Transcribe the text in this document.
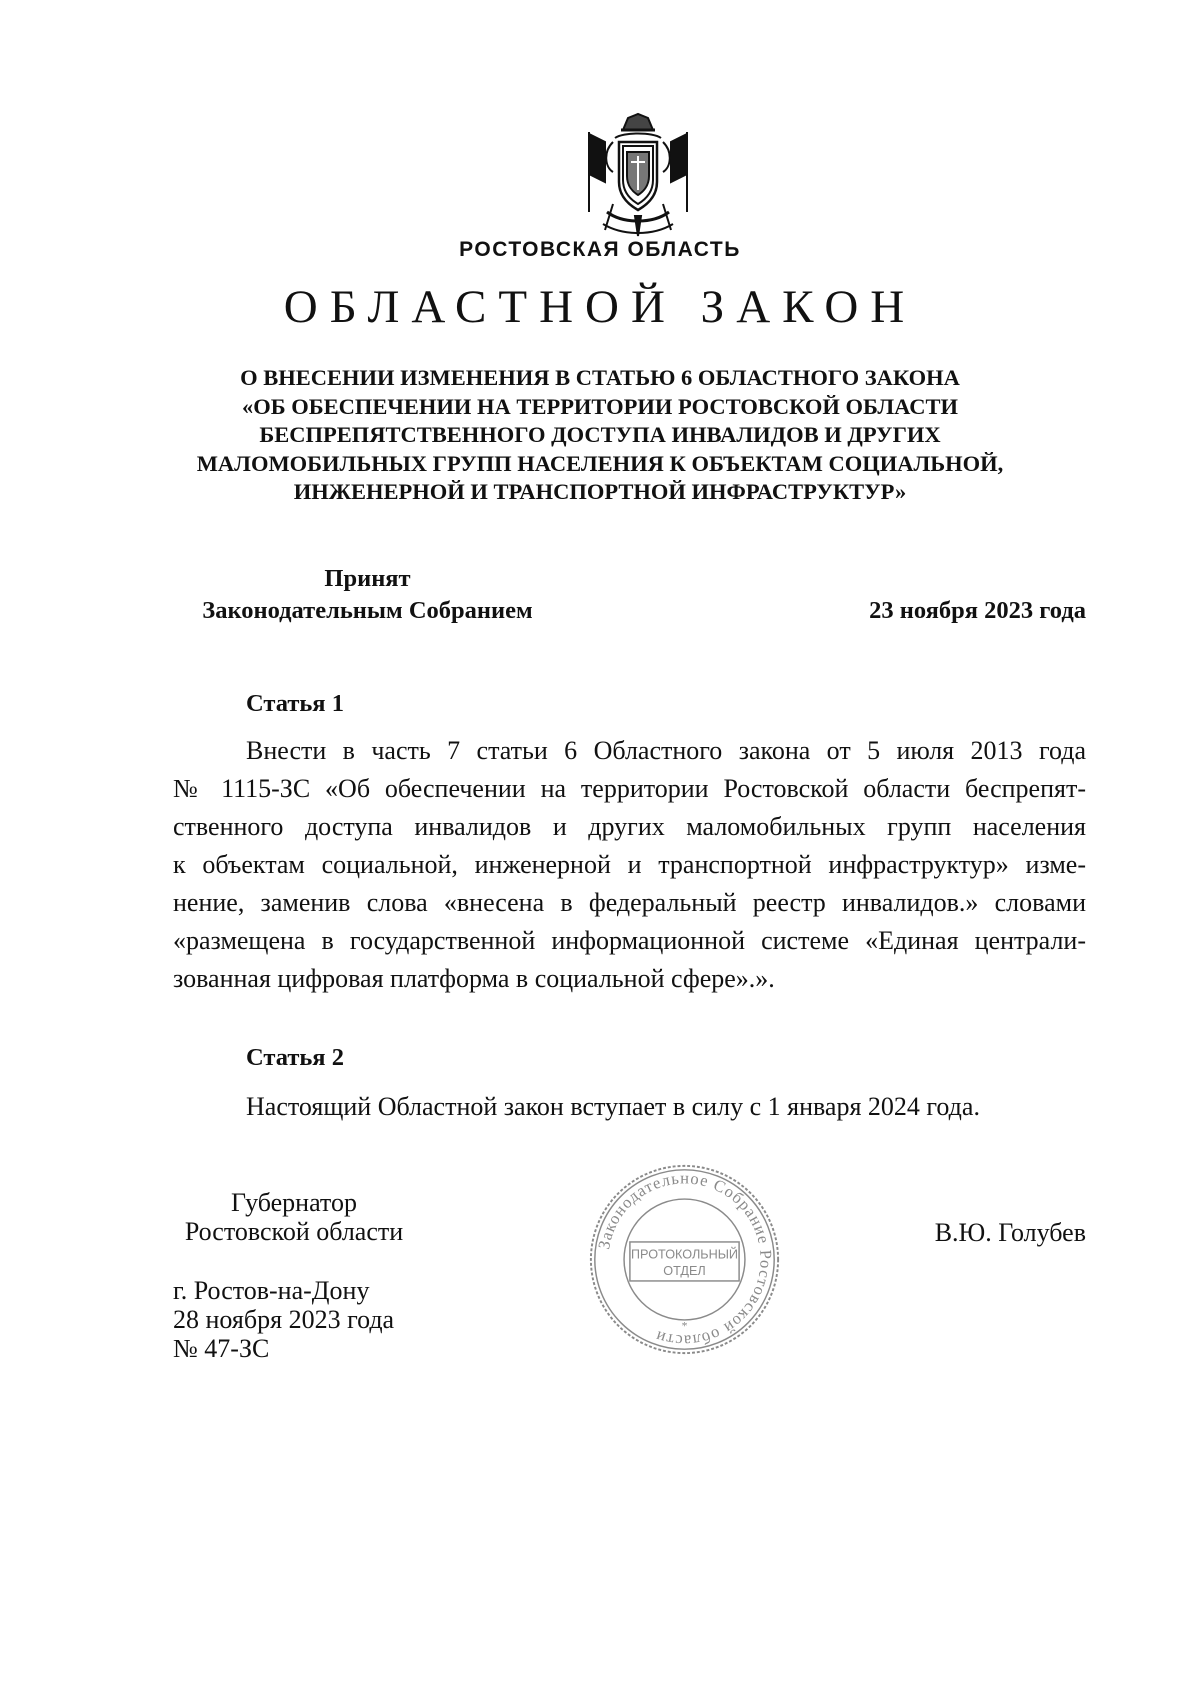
РОСТОВСКАЯ ОБЛАСТЬ
ОБЛАСТНОЙ ЗАКОН
О ВНЕСЕНИИ ИЗМЕНЕНИЯ В СТАТЬЮ 6 ОБЛАСТНОГО ЗАКОНА
«ОБ ОБЕСПЕЧЕНИИ НА ТЕРРИТОРИИ РОСТОВСКОЙ ОБЛАСТИ
БЕСПРЕПЯТСТВЕННОГО ДОСТУПА ИНВАЛИДОВ И ДРУГИХ
МАЛОМОБИЛЬНЫХ ГРУПП НАСЕЛЕНИЯ К ОБЪЕКТАМ СОЦИАЛЬНОЙ,
ИНЖЕНЕРНОЙ И ТРАНСПОРТНОЙ ИНФРАСТРУКТУР»
Принят
Законодательным Собранием	23 ноября 2023 года
Статья 1
Внести в часть 7 статьи 6 Областного закона от 5 июля 2013 года
№ 1115-ЗС «Об обеспечении на территории Ростовской области беспрепят-
ственного доступа инвалидов и других маломобильных групп населения
к объектам социальной, инженерной и транспортной инфраструктур» изме-
нение, заменив слова «внесена в федеральный реестр инвалидов.» словами
«размещена в государственной информационной системе «Единая централи-
зованная цифровая платформа в социальной сфере».».
Статья 2
Настоящий Областной закон вступает в силу с 1 января 2024 года.
Губернатор
Ростовской области	В.Ю. Голубев
г. Ростов-на-Дону
28 ноября 2023 года
№ 47-ЗС
Законодательное Собрание Ростовской области
*
ПРОТОКОЛЬНЫЙ
ОТДЕЛ
